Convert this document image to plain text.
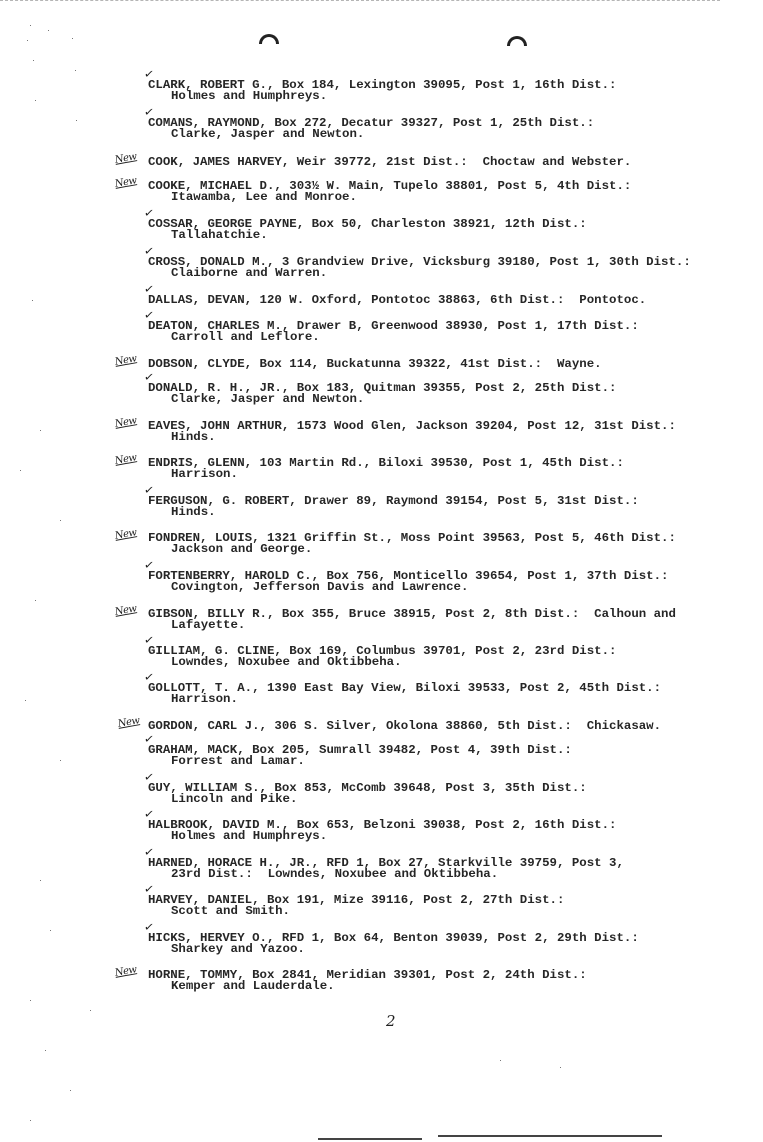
✓
CLARK, ROBERT G., Box 184, Lexington 39095, Post 1, 16th Dist.:
Holmes and Humphreys.
✓
COMANS, RAYMOND, Box 272, Decatur 39327, Post 1, 25th Dist.:
Clarke, Jasper and Newton.
New COOK, JAMES HARVEY, Weir 39772, 21st Dist.:  Choctaw and Webster.
New COOKE, MICHAEL D., 303½ W. Main, Tupelo 38801, Post 5, 4th Dist.:
Itawamba, Lee and Monroe.
✓
COSSAR, GEORGE PAYNE, Box 50, Charleston 38921, 12th Dist.:
Tallahatchie.
✓
CROSS, DONALD M., 3 Grandview Drive, Vicksburg 39180, Post 1, 30th Dist.:
Claiborne and Warren.
✓
DALLAS, DEVAN, 120 W. Oxford, Pontotoc 38863, 6th Dist.:  Pontotoc.
✓
DEATON, CHARLES M., Drawer B, Greenwood 38930, Post 1, 17th Dist.:
Carroll and Leflore.
New DOBSON, CLYDE, Box 114, Buckatunna 39322, 41st Dist.:  Wayne.
✓
DONALD, R. H., JR., Box 183, Quitman 39355, Post 2, 25th Dist.:
Clarke, Jasper and Newton.
New EAVES, JOHN ARTHUR, 1573 Wood Glen, Jackson 39204, Post 12, 31st Dist.:
Hinds.
New ENDRIS, GLENN, 103 Martin Rd., Biloxi 39530, Post 1, 45th Dist.:
Harrison.
✓
FERGUSON, G. ROBERT, Drawer 89, Raymond 39154, Post 5, 31st Dist.:
Hinds.
New FONDREN, LOUIS, 1321 Griffin St., Moss Point 39563, Post 5, 46th Dist.:
Jackson and George.
✓
FORTENBERRY, HAROLD C., Box 756, Monticello 39654, Post 1, 37th Dist.:
Covington, Jefferson Davis and Lawrence.
New GIBSON, BILLY R., Box 355, Bruce 38915, Post 2, 8th Dist.:  Calhoun and
Lafayette.
✓
GILLIAM, G. CLINE, Box 169, Columbus 39701, Post 2, 23rd Dist.:
Lowndes, Noxubee and Oktibbeha.
✓
GOLLOTT, T. A., 1390 East Bay View, Biloxi 39533, Post 2, 45th Dist.:
Harrison.
New GORDON, CARL J., 306 S. Silver, Okolona 38860, 5th Dist.:  Chickasaw.
✓
GRAHAM, MACK, Box 205, Sumrall 39482, Post 4, 39th Dist.:
Forrest and Lamar.
✓
GUY, WILLIAM S., Box 853, McComb 39648, Post 3, 35th Dist.:
Lincoln and Pike.
✓
HALBROOK, DAVID M., Box 653, Belzoni 39038, Post 2, 16th Dist.:
Holmes and Humphreys.
✓
HARNED, HORACE H., JR., RFD 1, Box 27, Starkville 39759, Post 3,
23rd Dist.:  Lowndes, Noxubee and Oktibbeha.
✓
HARVEY, DANIEL, Box 191, Mize 39116, Post 2, 27th Dist.:
Scott and Smith.
✓
HICKS, HERVEY O., RFD 1, Box 64, Benton 39039, Post 2, 29th Dist.:
Sharkey and Yazoo.
New HORNE, TOMMY, Box 2841, Meridian 39301, Post 2, 24th Dist.:
Kemper and Lauderdale.
2
